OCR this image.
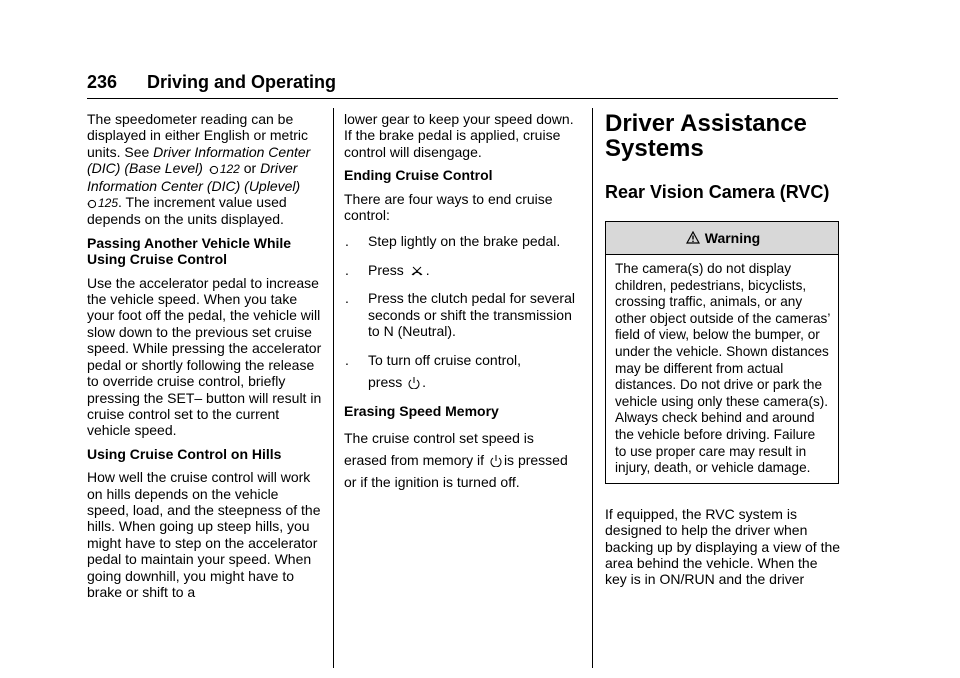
236 Driving and Operating

The speedometer reading can be displayed in either English or metric units. See Driver Information Center (DIC) (Base Level) 122 or Driver Information Center (DIC) (Uplevel)
125. The increment value used depends on the units displayed.

Passing Another Vehicle While Using Cruise Control

Use the accelerator pedal to increase the vehicle speed. When you take your foot off the pedal, the vehicle will slow down to the previous set cruise speed. While pressing the accelerator pedal or shortly following the release to override cruise control, briefly pressing the SET– button will result in cruise control set to the current vehicle speed.

Using Cruise Control on Hills

How well the cruise control will work on hills depends on the vehicle speed, load, and the steepness of the hills. When going up steep hills, you might have to step on the accelerator pedal to maintain your speed. When going downhill, you might have to brake or shift to a

lower gear to keep your speed down. If the brake pedal is applied, cruise control will disengage.

Ending Cruise Control

There are four ways to end cruise control:

. Step lightly on the brake pedal.
. Press .
. Press the clutch pedal for several seconds or shift the transmission to N (Neutral).
. To turn off cruise control,
press .

Erasing Speed Memory

The cruise control set speed is
erased from memory if is pressed
or if the ignition is turned off.

Driver Assistance Systems
Rear Vision Camera (RVC)
Warning
The camera(s) do not display children, pedestrians, bicyclists, crossing traffic, animals, or any other object outside of the cameras’ field of view, below the bumper, or under the vehicle. Shown distances may be different from actual distances. Do not drive or park the vehicle using only these camera(s). Always check behind and around the vehicle before driving. Failure to use proper care may result in injury, death, or vehicle damage.

If equipped, the RVC system is designed to help the driver when backing up by displaying a view of the area behind the vehicle. When the key is in ON/RUN and the driver
